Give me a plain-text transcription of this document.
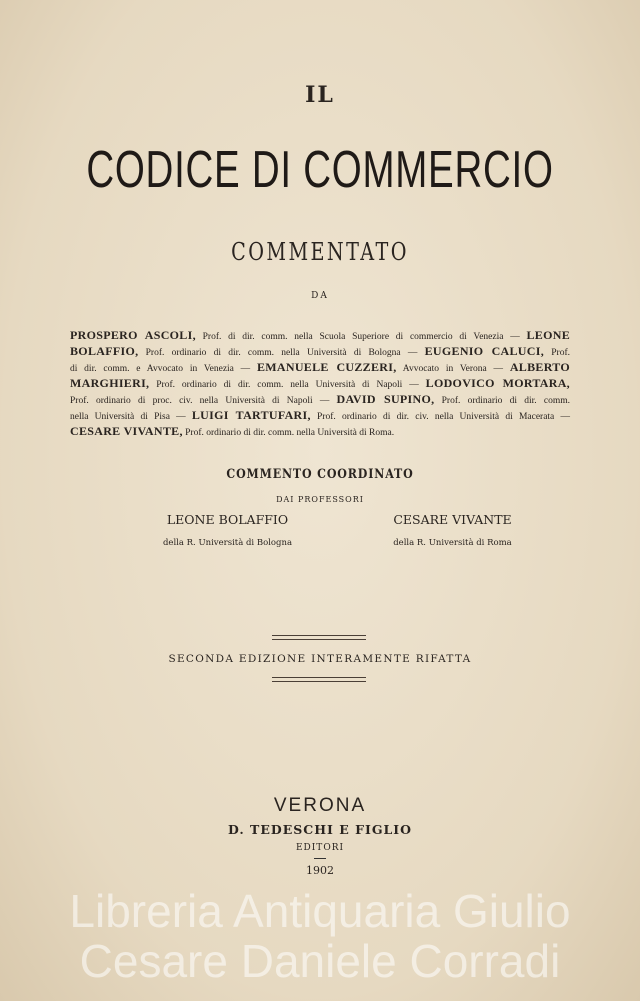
IL
CODICE DI COMMERCIO
COMMENTATO
DA
PROSPERO ASCOLI, Prof. di dir. comm. nella Scuola Superiore di commercio di Venezia — LEONE
BOLAFFIO, Prof. ordinario di dir. comm. nella Università di Bologna — EUGENIO CALUCI, Prof.
di dir. comm. e Avvocato in Venezia — EMANUELE CUZZERI, Avvocato in Verona — ALBERTO
MARGHIERI, Prof. ordinario di dir. comm. nella Università di Napoli — LODOVICO MORTARA,
Prof. ordinario di proc. civ. nella Università di Napoli — DAVID SUPINO, Prof. ordinario di dir. comm.
nella Università di Pisa — LUIGI TARTUFARI, Prof. ordinario di dir. civ. nella Università di Macerata —
CESARE VIVANTE, Prof. ordinario di dir. comm. nella Università di Roma.
COMMENTO COORDINATO
DAI PROFESSORI
LEONE BOLAFFIO
della R. Università di Bologna
CESARE VIVANTE
della R. Università di Roma
SECONDA EDIZIONE INTERAMENTE RIFATTA
VERONA
D. TEDESCHI E FIGLIO
EDITORI
1902
Libreria Antiquaria Giulio Cesare Daniele Corradi
